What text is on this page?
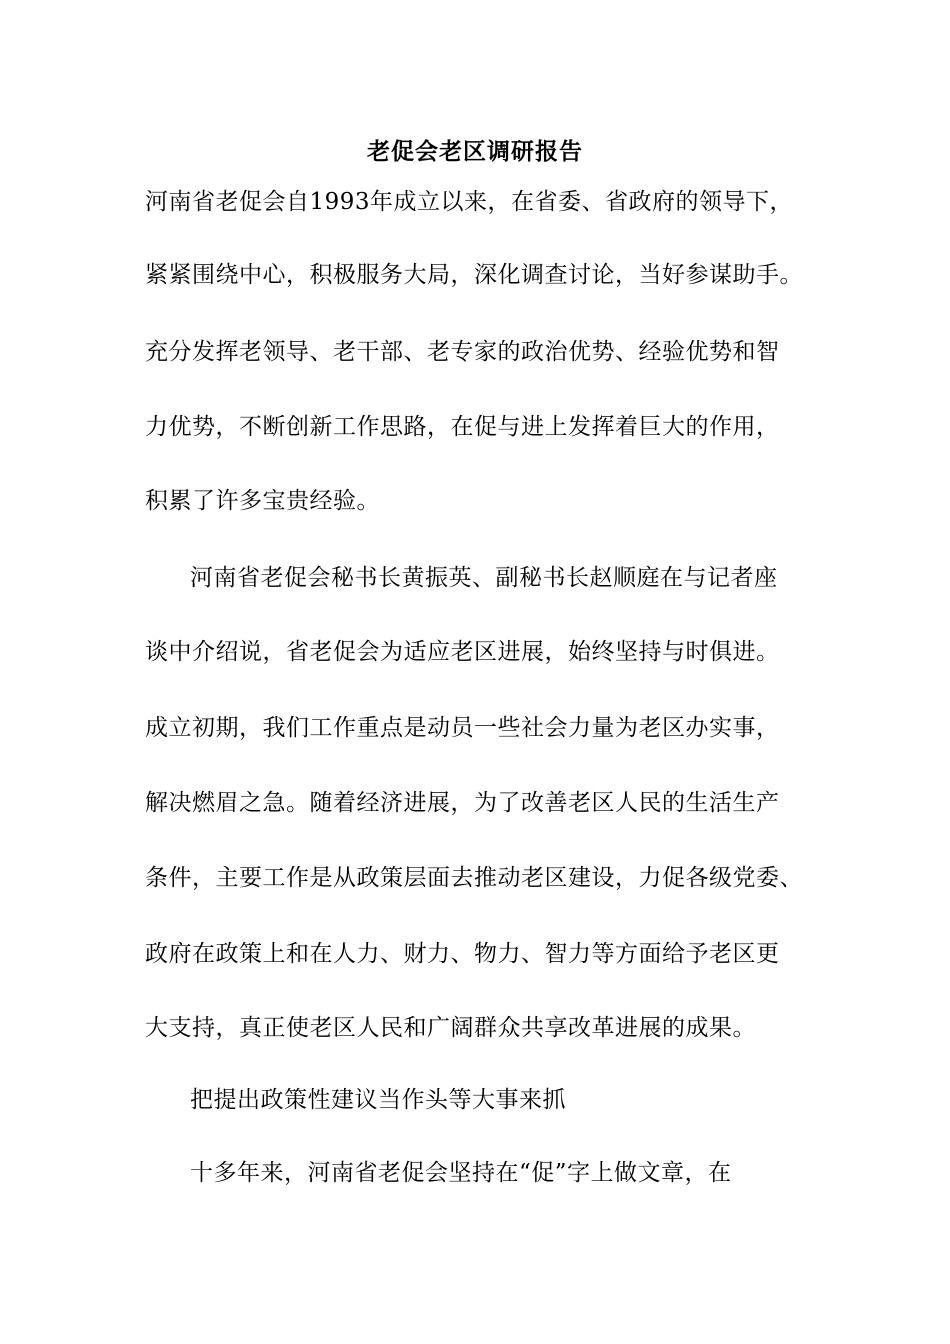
老促会老区调研报告
河南省老促会自1993年成立以来，在省委、省政府的领导下，
紧紧围绕中心，积极服务大局，深化调查讨论，当好参谋助手。
充分发挥老领导、老干部、老专家的政治优势、经验优势和智
力优势，不断创新工作思路，在促与进上发挥着巨大的作用，
积累了许多宝贵经验。
河南省老促会秘书长黄振英、副秘书长赵顺庭在与记者座
谈中介绍说，省老促会为适应老区进展，始终坚持与时俱进。
成立初期，我们工作重点是动员一些社会力量为老区办实事，
解决燃眉之急。随着经济进展，为了改善老区人民的生活生产
条件，主要工作是从政策层面去推动老区建设，力促各级党委、
政府在政策上和在人力、财力、物力、智力等方面给予老区更
大支持，真正使老区人民和广阔群众共享改革进展的成果。
把提出政策性建议当作头等大事来抓
十多年来，河南省老促会坚持在“促”字上做文章，在
